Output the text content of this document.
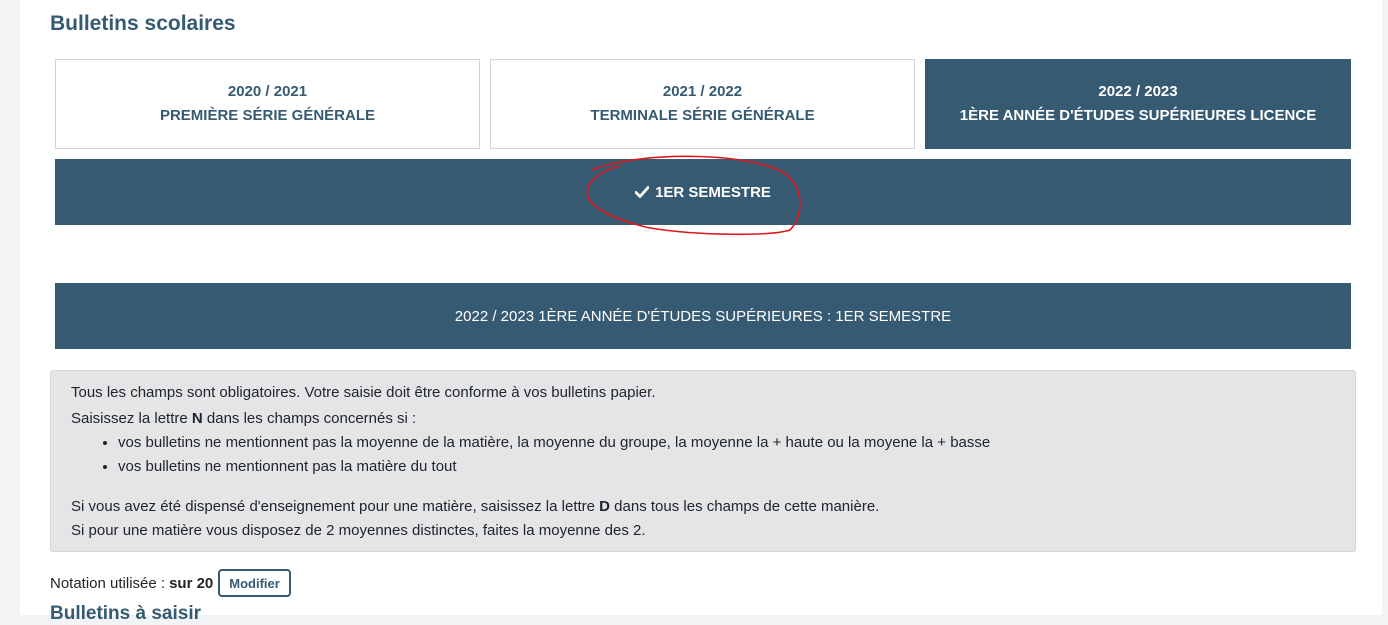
Bulletins scolaires
2020 / 2021
PREMIÈRE SÉRIE GÉNÉRALE
2021 / 2022
TERMINALE SÉRIE GÉNÉRALE
2022 / 2023
1ÈRE ANNÉE D'ÉTUDES SUPÉRIEURES LICENCE
1ER SEMESTRE
2022 / 2023 1ÈRE ANNÉE D'ÉTUDES SUPÉRIEURES : 1ER SEMESTRE

Tous les champs sont obligatoires. Votre saisie doit être conforme à vos bulletins papier.

Saisissez la lettre N dans les champs concernés si :

• vos bulletins ne mentionnent pas la moyenne de la matière, la moyenne du groupe, la moyenne la + haute ou la moyene la + basse
• vos bulletins ne mentionnent pas la matière du tout

Si vous avez été dispensé d'enseignement pour une matière, saisissez la lettre D dans tous les champs de cette manière.

Si pour une matière vous disposez de 2 moyennes distinctes, faites la moyenne des 2.

Notation utilisée : sur 20	Modifier
Bulletins à saisir
